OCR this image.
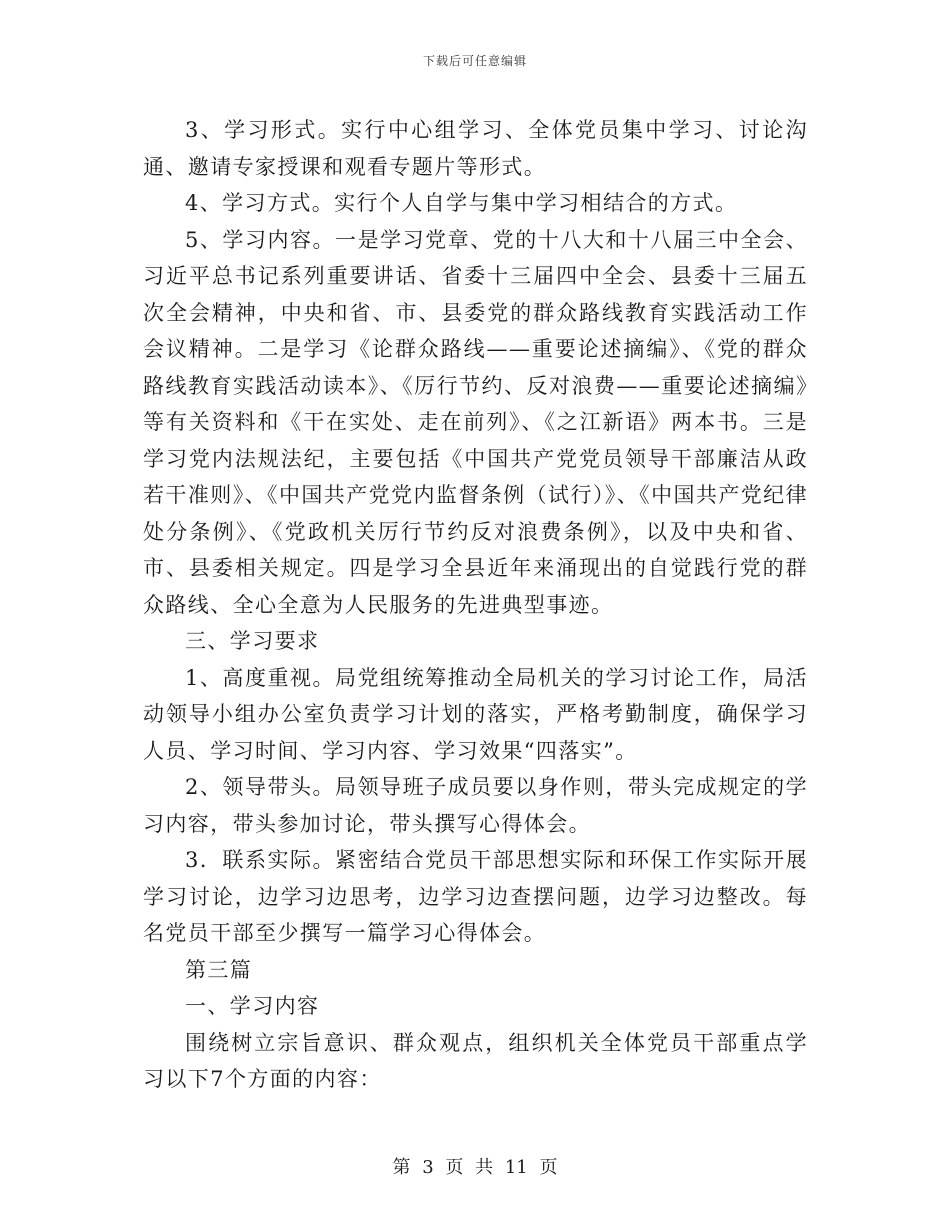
下载后可任意编辑

3、学习形式。实行中心组学习、全体党员集中学习、讨论沟通、邀请专家授课和观看专题片等形式。

4、学习方式。实行个人自学与集中学习相结合的方式。

5、学习内容。一是学习党章、党的十八大和十八届三中全会、习近平总书记系列重要讲话、省委十三届四中全会、县委十三届五次全会精神，中央和省、市、县委党的群众路线教育实践活动工作会议精神。二是学习《论群众路线——重要论述摘编》、《党的群众路线教育实践活动读本》、《厉行节约、反对浪费——重要论述摘编》等有关资料和《干在实处、走在前列》、《之江新语》两本书。三是学习党内法规法纪，主要包括《中国共产党党员领导干部廉洁从政若干准则》、《中国共产党党内监督条例（试行）》、《中国共产党纪律处分条例》、《党政机关厉行节约反对浪费条例》，以及中央和省、市、县委相关规定。四是学习全县近年来涌现出的自觉践行党的群众路线、全心全意为人民服务的先进典型事迹。

三、学习要求

1、高度重视。局党组统筹推动全局机关的学习讨论工作，局活动领导小组办公室负责学习计划的落实，严格考勤制度，确保学习人员、学习时间、学习内容、学习效果“四落实”。

2、领导带头。局领导班子成员要以身作则，带头完成规定的学习内容，带头参加讨论，带头撰写心得体会。

3．联系实际。紧密结合党员干部思想实际和环保工作实际开展学习讨论，边学习边思考，边学习边查摆问题，边学习边整改。每名党员干部至少撰写一篇学习心得体会。

第三篇

一、学习内容

围绕树立宗旨意识、群众观点，组织机关全体党员干部重点学习以下7个方面的内容：

第 3 页 共 11 页
